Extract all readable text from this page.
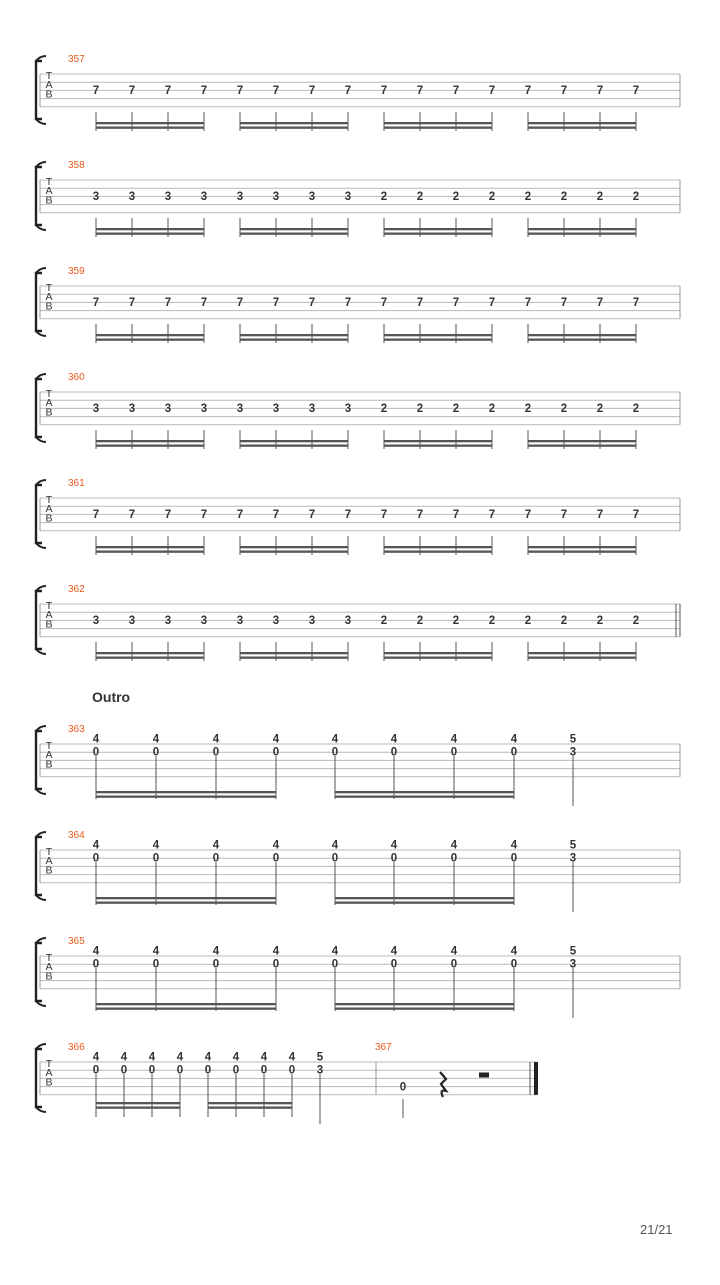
T
A
B
357
7	7	7	7	7	7	7	7	7	7	7	7	7	7	7	7
T
A
B
358
3	3	3	3	3	3	3	3	2	2	2	2	2	2	2	2
T
A
B
359
7	7	7	7	7	7	7	7	7	7	7	7	7	7	7	7
T
A
B
360
3	3	3	3	3	3	3	3	2	2	2	2	2	2	2	2
T
A
B
361
7	7	7	7	7	7	7	7	7	7	7	7	7	7	7	7
T
A
B
362
3	3	3	3	3	3	3	3	2	2	2	2	2	2	2	2
T
A
B
363
4
0
4
0
4
0
4
0
4
0
4
0
4
0
4
0
5
3
T
A
B
364
4
0
4
0
4
0
4
0
4
0
4
0
4
0
4
0
5
3
T
A
B
365
4
0
4
0
4
0
4
0
4
0
4
0
4
0
4
0
5
3
T
A
B
366
4
0
4
0
4
0
4
0
4
0
4
0
4
0
4
0
5
3
367
0
Outro
21/21
